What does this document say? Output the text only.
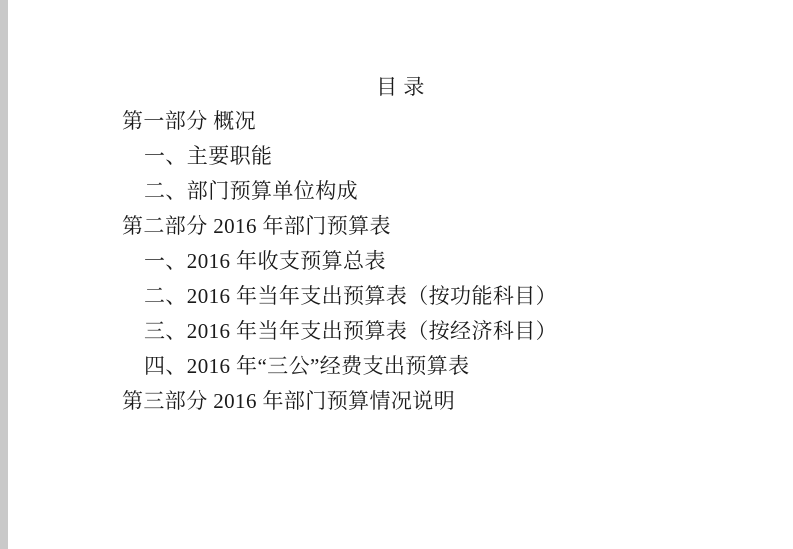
目 录
第一部分 概况
一、主要职能
二、部门预算单位构成
第二部分 2016 年部门预算表
一、2016 年收支预算总表
二、2016 年当年支出预算表（按功能科目）
三、2016 年当年支出预算表（按经济科目）
四、2016 年“三公”经费支出预算表
第三部分 2016 年部门预算情况说明
